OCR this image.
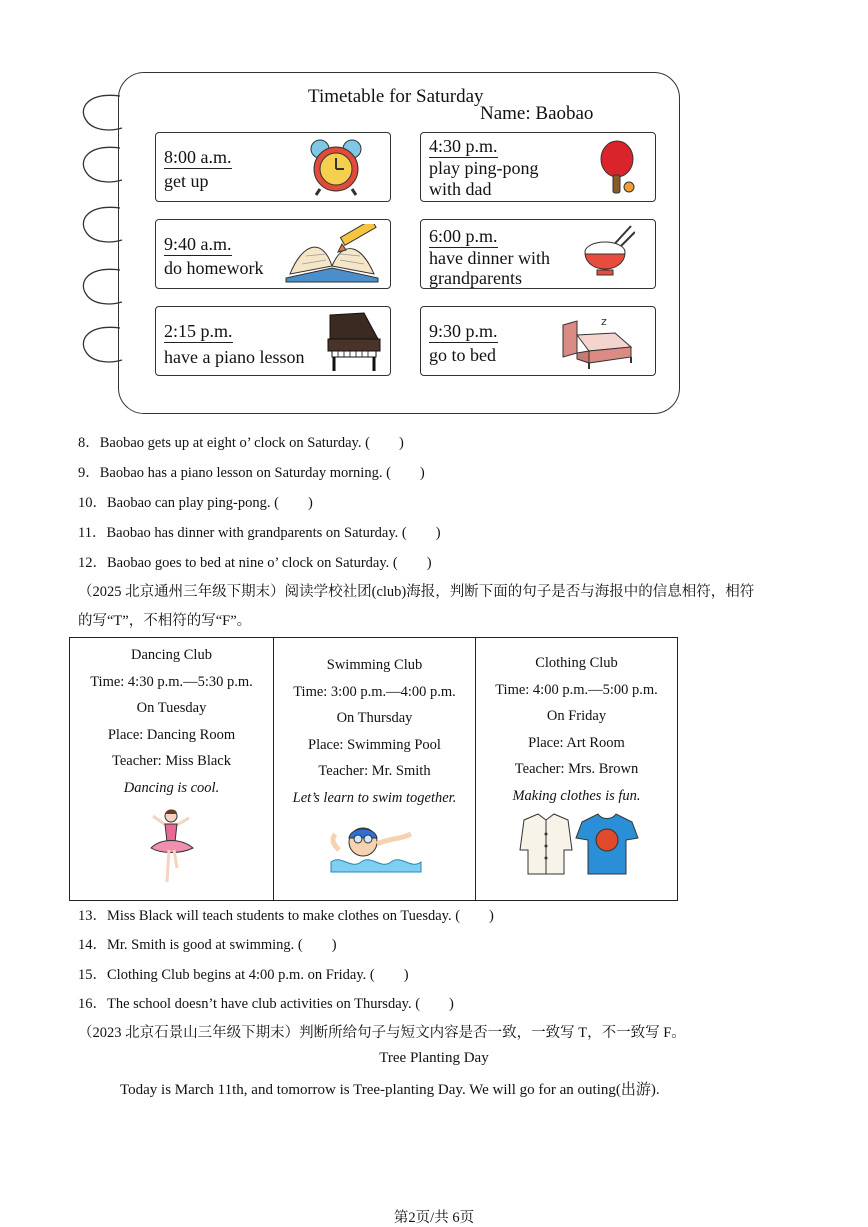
Timetable for Saturday
Name: Baobao
8:00 a.m.
get up
4:30 p.m.
play ping-pong
with dad
9:40 a.m.
do homework
6:00 p.m.
have dinner with
grandparents
2:15 p.m.
have a piano lesson
9:30 p.m.
go to bed
z
8．Baobao gets up at eight o’ clock on Saturday. (　　)
9．Baobao has a piano lesson on Saturday morning. (　　)
10．Baobao can play ping-pong. (　　)
11．Baobao has dinner with grandparents on Saturday. (　　)
12．Baobao goes to bed at nine o’ clock on Saturday. (　　)
（2025 北京通州三年级下期末）阅读学校社团(club)海报，判断下面的句子是否与海报中的信息相符，相符
的写“T”，不相符的写“F”。
Dancing Club
Time: 4:30 p.m.—5:30 p.m.
On Tuesday
Place: Dancing Room
Teacher: Miss Black
Dancing is cool.
Swimming Club
Time: 3:00 p.m.—4:00 p.m.
On Thursday
Place: Swimming Pool
Teacher: Mr. Smith
Let’s learn to swim together.
Clothing Club
Time: 4:00 p.m.—5:00 p.m.
On Friday
Place: Art Room
Teacher: Mrs. Brown
Making clothes is fun.
13．Miss Black will teach students to make clothes on Tuesday. (　　)
14．Mr. Smith is good at swimming. (　　)
15．Clothing Club begins at 4:00 p.m. on Friday. (　　)
16．The school doesn’t have club activities on Thursday. (　　)
（2023 北京石景山三年级下期末）判断所给句子与短文内容是否一致，一致写 T，不一致写 F。
Tree Planting Day
Today is March 11th, and tomorrow is Tree-planting Day. We will go for an outing(出游).
第2页/共 6页
